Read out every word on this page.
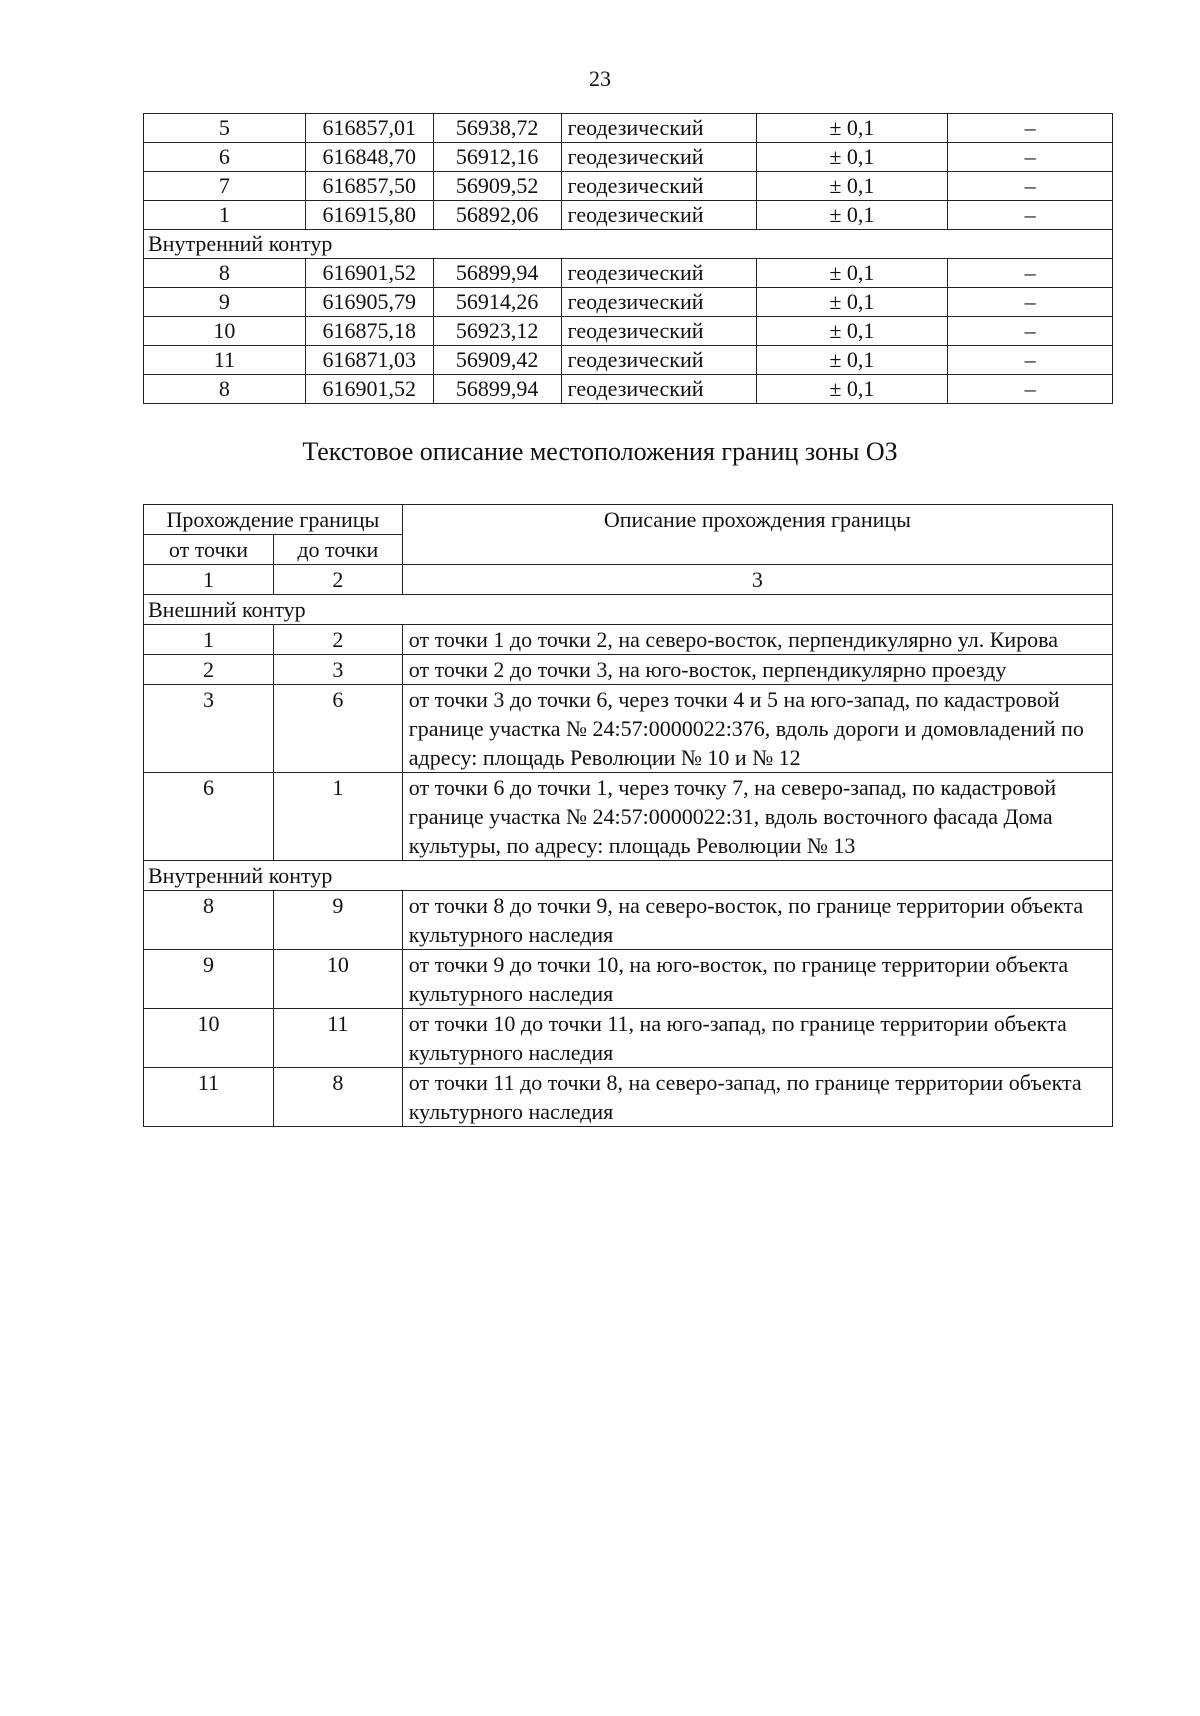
23
5	616857,01	56938,72	геодезический	± 0,1	–
6	616848,70	56912,16	геодезический	± 0,1	–
7	616857,50	56909,52	геодезический	± 0,1	–
1	616915,80	56892,06	геодезический	± 0,1	–
Внутренний контур					
8	616901,52	56899,94	геодезический	± 0,1	–
9	616905,79	56914,26	геодезический	± 0,1	–
10	616875,18	56923,12	геодезический	± 0,1	–
11	616871,03	56909,42	геодезический	± 0,1	–
8	616901,52	56899,94	геодезический	± 0,1	–
Текстовое описание местоположения границ зоны ОЗ
Прохождение границы		Описание прохождения границы
от точки	до точки	
1	2	3
Внешний контур		
1	2	от точки 1 до точки 2, на северо-восток, перпендикулярно ул. Кирова
2	3	от точки 2 до точки 3, на юго-восток, перпендикулярно проезду
3	6	от точки 3 до точки 6, через точки 4 и 5 на юго-запад, по кадастровой границе участка № 24:57:0000022:376, вдоль дороги и домовладений по адресу: площадь Революции № 10 и № 12
6	1	от точки 6 до точки 1, через точку 7, на северо-запад, по кадастровой границе участка № 24:57:0000022:31, вдоль восточного фасада Дома культуры, по адресу: площадь Революции № 13
Внутренний контур		
8	9	от точки 8 до точки 9, на северо-восток, по границе территории объекта культурного наследия
9	10	от точки 9 до точки 10, на юго-восток, по границе территории объекта культурного наследия
10	11	от точки 10 до точки 11, на юго-запад, по границе территории объекта культурного наследия
11	8	от точки 11 до точки 8, на северо-запад, по границе территории объекта культурного наследия
